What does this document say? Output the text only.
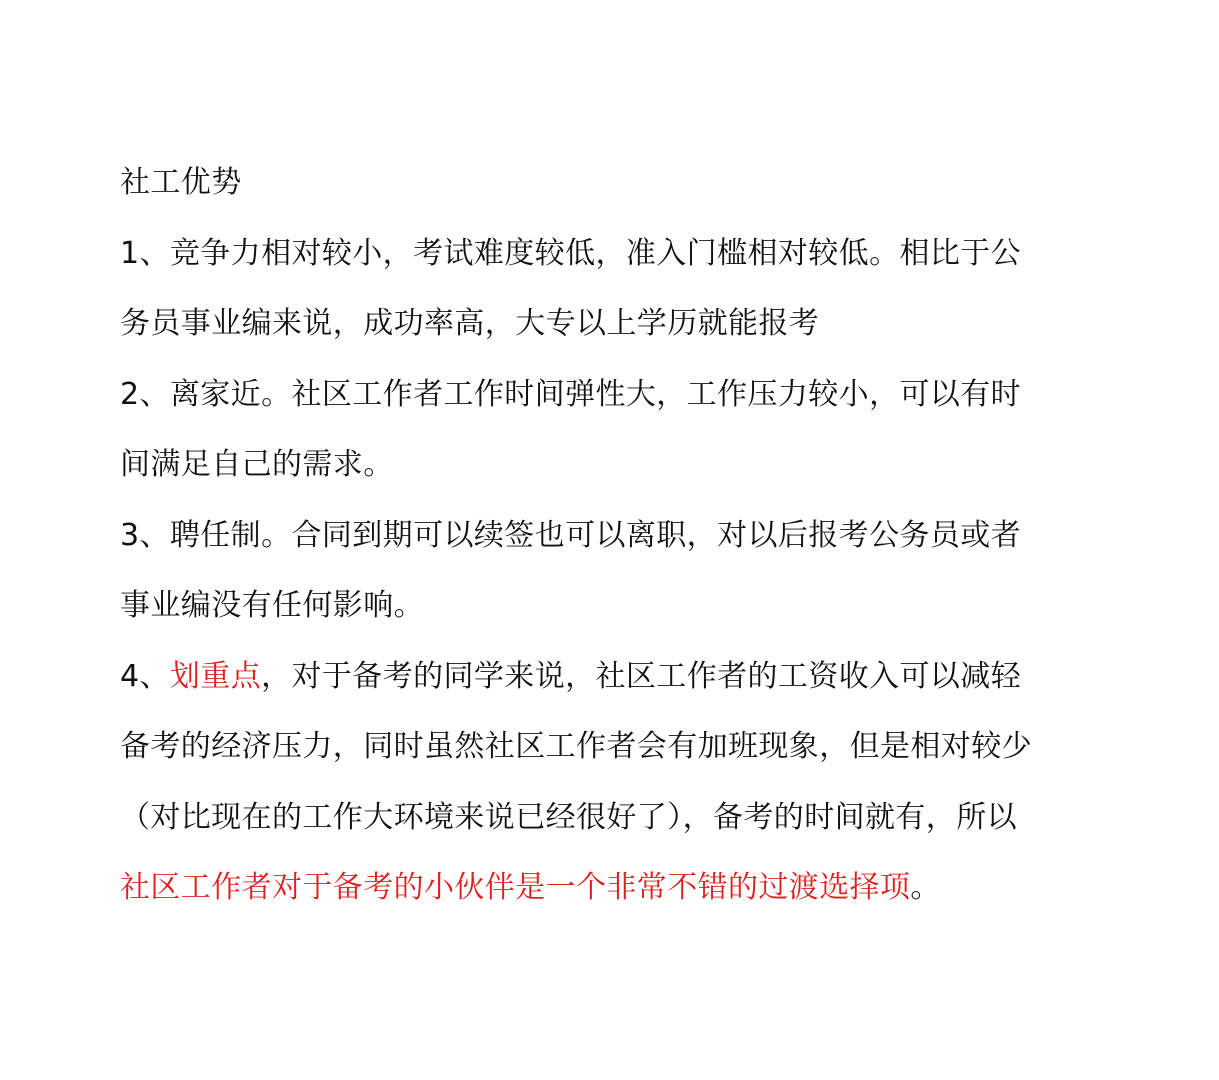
社工优势
1、竞争力相对较小，考试难度较低，准入门槛相对较低。相比于公
务员事业编来说，成功率高，大专以上学历就能报考
2、离家近。社区工作者工作时间弹性大，工作压力较小，可以有时
间满足自己的需求。
3、聘任制。合同到期可以续签也可以离职，对以后报考公务员或者
事业编没有任何影响。
4、划重点，对于备考的同学来说，社区工作者的工资收入可以减轻
备考的经济压力，同时虽然社区工作者会有加班现象，但是相对较少
（对比现在的工作大环境来说已经很好了），备考的时间就有，所以
社区工作者对于备考的小伙伴是一个非常不错的过渡选择项。
